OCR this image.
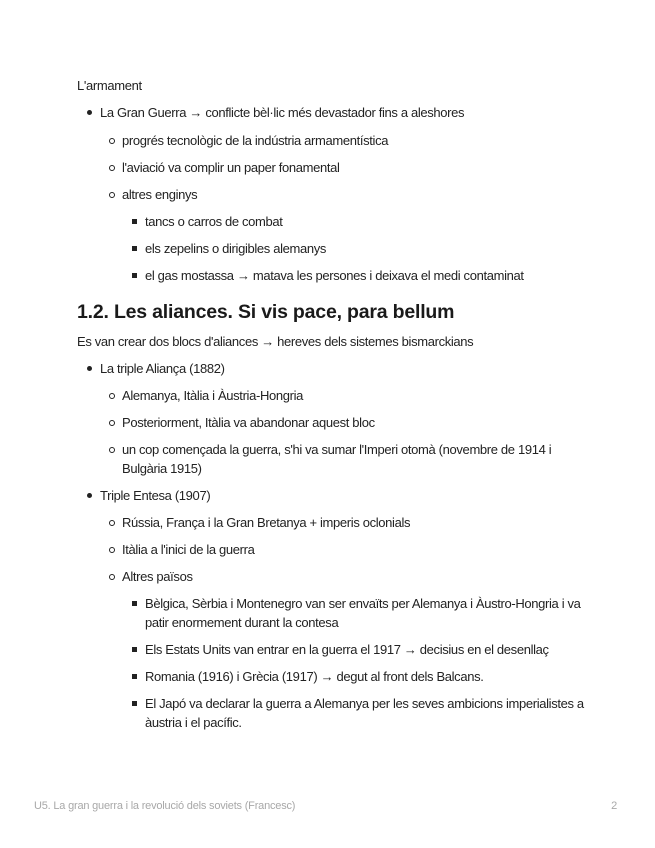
L'armament

La Gran Guerra → conflicte bèl·lic més devastador fins a aleshores
progrés tecnològic de la indústria armamentística
l'aviació va complir un paper fonamental
altres enginys
tancs o carros de combat
els zepelins o dirigibles alemanys
el gas mostassa → matava les persones i deixava el medi contaminat
1.2. Les aliances. Si vis pace, para bellum

Es van crear dos blocs d'aliances → hereves dels sistemes bismarckians

La triple Aliança (1882)
Alemanya, Itàlia i Àustria-Hongria
Posteriorment, Itàlia va abandonar aquest bloc
un cop començada la guerra, s'hi va sumar l'Imperi otomà (novembre de 1914 i Bulgària 1915)
Triple Entesa (1907)
Rússia, França i la Gran Bretanya + imperis oclonials
Itàlia a l'inici de la guerra
Altres països
Bèlgica, Sèrbia i Montenegro van ser envaïts per Alemanya i Àustro-Hongria i va patir enormement durant la contesa
Els Estats Units van entrar en la guerra el 1917 → decisius en el desenllaç
Romania (1916) i Grècia (1917) → degut al front dels Balcans.
El Japó va declarar la guerra a Alemanya per les seves ambicions imperialistes a àustria i el pacífic.
U5. La gran guerra i la revolució dels soviets (Francesc)	2
